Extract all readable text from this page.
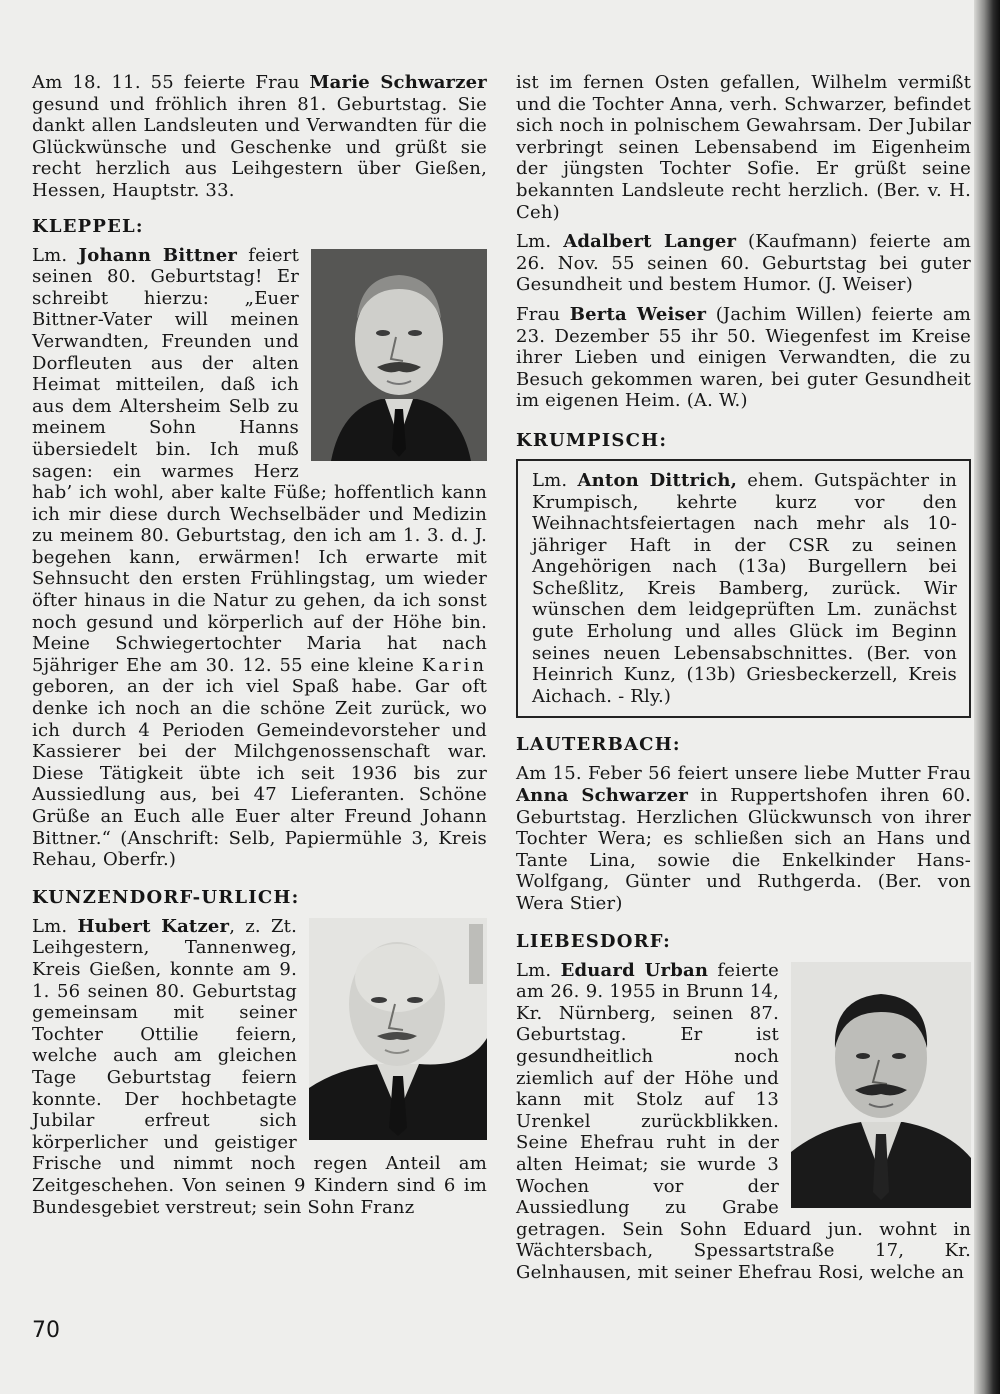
Am 18. 11. 55 feierte Frau Marie Schwarzer gesund und fröhlich ihren 81. Geburtstag. Sie dankt allen Landsleuten und Verwandten für die Glückwünsche und Geschenke und grüßt sie recht herzlich aus Leihgestern über Gießen, Hessen, Hauptstr. 33.

KLEPPEL:

Lm. Johann Bittner feiert seinen 80. Geburtstag! Er schreibt hierzu: „Euer Bittner-Vater will meinen Verwandten, Freunden und Dorfleuten aus der alten Heimat mitteilen, daß ich aus dem Altersheim Selb zu meinem Sohn Hanns übersiedelt bin. Ich muß sagen: ein warmes Herz hab’ ich wohl, aber kalte Füße; hoffentlich kann ich mir diese durch Wechselbäder und Medizin zu meinem 80. Geburtstag, den ich am 1. 3. d. J. begehen kann, erwärmen! Ich erwarte mit Sehnsucht den ersten Frühlingstag, um wieder öfter hinaus in die Natur zu gehen, da ich sonst noch gesund und körperlich auf der Höhe bin. Meine Schwiegertochter Maria hat nach 5jähriger Ehe am 30. 12. 55 eine kleine Karin geboren, an der ich viel Spaß habe. Gar oft denke ich noch an die schöne Zeit zurück, wo ich durch 4 Perioden Gemeindevorsteher und Kassierer bei der Milchgenossenschaft war. Diese Tätigkeit übte ich seit 1936 bis zur Aussiedlung aus, bei 47 Lieferanten. Schöne Grüße an Euch alle Euer alter Freund Johann Bittner.“ (Anschrift: Selb, Papiermühle 3, Kreis Rehau, Oberfr.)

KUNZENDORF-URLICH:

Lm. Hubert Katzer, z. Zt. Leihgestern, Tannenweg, Kreis Gießen, konnte am 9. 1. 56 seinen 80. Geburtstag gemeinsam mit seiner Tochter Ottilie feiern, welche auch am gleichen Tage Geburtstag feiern konnte. Der hochbetagte Jubilar erfreut sich körperlicher und geistiger Frische und nimmt noch regen Anteil am Zeitgeschehen. Von seinen 9 Kindern sind 6 im Bundesgebiet verstreut; sein Sohn Franz

ist im fernen Osten gefallen, Wilhelm vermißt und die Tochter Anna, verh. Schwarzer, befindet sich noch in polnischem Gewahrsam. Der Jubilar verbringt seinen Lebensabend im Eigenheim der jüngsten Tochter Sofie. Er grüßt seine bekannten Landsleute recht herzlich. (Ber. v. H. Ceh)

Lm. Adalbert Langer (Kaufmann) feierte am 26. Nov. 55 seinen 60. Geburtstag bei guter Gesundheit und bestem Humor. (J. Weiser)

Frau Berta Weiser (Jachim Willen) feierte am 23. Dezember 55 ihr 50. Wiegenfest im Kreise ihrer Lieben und einigen Verwandten, die zu Besuch gekommen waren, bei guter Gesundheit im eigenen Heim. (A. W.)

KRUMPISCH:

Lm. Anton Dittrich, ehem. Gutspächter in Krumpisch, kehrte kurz vor den Weihnachtsfeiertagen nach mehr als 10-jähriger Haft in der CSR zu seinen Angehörigen nach (13a) Burgellern bei Scheßlitz, Kreis Bamberg, zurück. Wir wünschen dem leidgeprüften Lm. zunächst gute Erholung und alles Glück im Beginn seines neuen Lebensabschnittes. (Ber. von Heinrich Kunz, (13b) Griesbeckerzell, Kreis Aichach. - Rly.)

LAUTERBACH:

Am 15. Feber 56 feiert unsere liebe Mutter Frau Anna Schwarzer in Ruppertshofen ihren 60. Geburtstag. Herzlichen Glückwunsch von ihrer Tochter Wera; es schließen sich an Hans und Tante Lina, sowie die Enkelkinder Hans-Wolfgang, Günter und Ruthgerda. (Ber. von Wera Stier)

LIEBESDORF:

Lm. Eduard Urban feierte am 26. 9. 1955 in Brunn 14, Kr. Nürnberg, seinen 87. Geburtstag. Er ist gesundheitlich noch ziemlich auf der Höhe und kann mit Stolz auf 13 Urenkel zurückblikken. Seine Ehefrau ruht in der alten Heimat; sie wurde 3 Wochen vor der Aussiedlung zu Grabe getragen. Sein Sohn Eduard jun. wohnt in Wächtersbach, Spessartstraße 17, Kr. Gelnhausen, mit seiner Ehefrau Rosi, welche an

70
